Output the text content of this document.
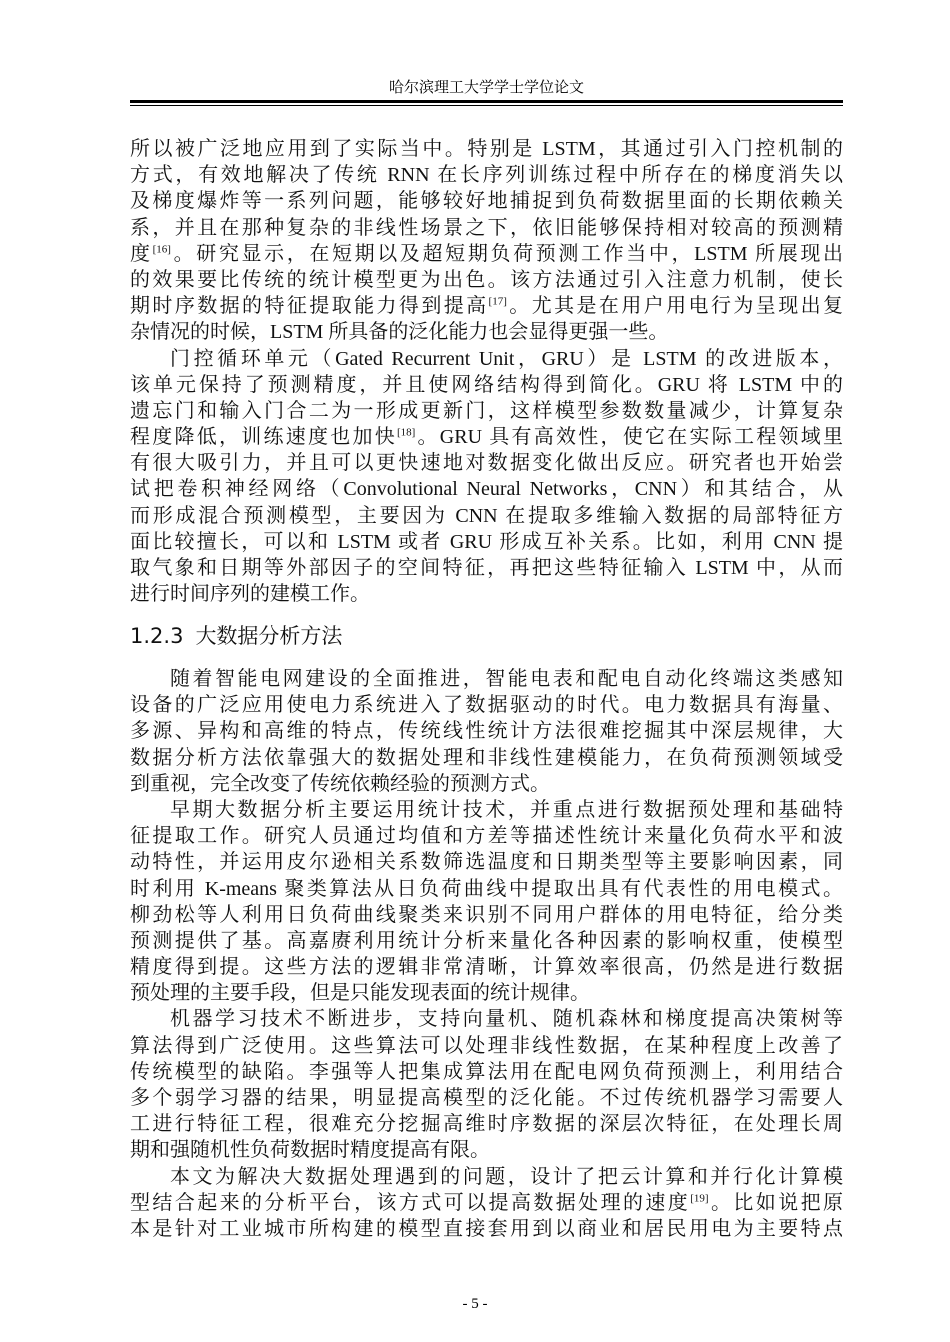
哈尔滨理工大学学士学位论文
所以被广泛地应用到了实际当中。特别是 LSTM，其通过引入门控机制的
方式，有效地解决了传统 RNN 在长序列训练过程中所存在的梯度消失以
及梯度爆炸等一系列问题，能够较好地捕捉到负荷数据里面的长期依赖关
系，并且在那种复杂的非线性场景之下，依旧能够保持相对较高的预测精
度[16]。研究显示，在短期以及超短期负荷预测工作当中，LSTM 所展现出
的效果要比传统的统计模型更为出色。该方法通过引入注意力机制，使长
期时序数据的特征提取能力得到提高[17]。尤其是在用户用电行为呈现出复
杂情况的时候，LSTM 所具备的泛化能力也会显得更强一些。
门控循环单元（Gated Recurrent Unit，GRU）是 LSTM 的改进版本，
该单元保持了预测精度，并且使网络结构得到简化。GRU 将 LSTM 中的
遗忘门和输入门合二为一形成更新门，这样模型参数数量减少，计算复杂
程度降低，训练速度也加快[18]。GRU 具有高效性，使它在实际工程领域里
有很大吸引力，并且可以更快速地对数据变化做出反应。研究者也开始尝
试把卷积神经网络（Convolutional Neural Networks，CNN）和其结合，从
而形成混合预测模型，主要因为 CNN 在提取多维输入数据的局部特征方
面比较擅长，可以和 LSTM 或者 GRU 形成互补关系。比如，利用 CNN 提
取气象和日期等外部因子的空间特征，再把这些特征输入 LSTM 中，从而
进行时间序列的建模工作。
1.2.3 大数据分析方法
随着智能电网建设的全面推进，智能电表和配电自动化终端这类感知
设备的广泛应用使电力系统进入了数据驱动的时代。电力数据具有海量、
多源、异构和高维的特点，传统线性统计方法很难挖掘其中深层规律，大
数据分析方法依靠强大的数据处理和非线性建模能力，在负荷预测领域受
到重视，完全改变了传统依赖经验的预测方式。
早期大数据分析主要运用统计技术，并重点进行数据预处理和基础特
征提取工作。研究人员通过均值和方差等描述性统计来量化负荷水平和波
动特性，并运用皮尔逊相关系数筛选温度和日期类型等主要影响因素，同
时利用 K-means 聚类算法从日负荷曲线中提取出具有代表性的用电模式。
柳劲松等人利用日负荷曲线聚类来识别不同用户群体的用电特征，给分类
预测提供了基。高嘉赓利用统计分析来量化各种因素的影响权重，使模型
精度得到提。这些方法的逻辑非常清晰，计算效率很高，仍然是进行数据
预处理的主要手段，但是只能发现表面的统计规律。
机器学习技术不断进步，支持向量机、随机森林和梯度提高决策树等
算法得到广泛使用。这些算法可以处理非线性数据，在某种程度上改善了
传统模型的缺陷。李强等人把集成算法用在配电网负荷预测上，利用结合
多个弱学习器的结果，明显提高模型的泛化能。不过传统机器学习需要人
工进行特征工程，很难充分挖掘高维时序数据的深层次特征，在处理长周
期和强随机性负荷数据时精度提高有限。
本文为解决大数据处理遇到的问题，设计了把云计算和并行化计算模
型结合起来的分析平台，该方式可以提高数据处理的速度[19]。比如说把原
本是针对工业城市所构建的模型直接套用到以商业和居民用电为主要特点
- 5 -
